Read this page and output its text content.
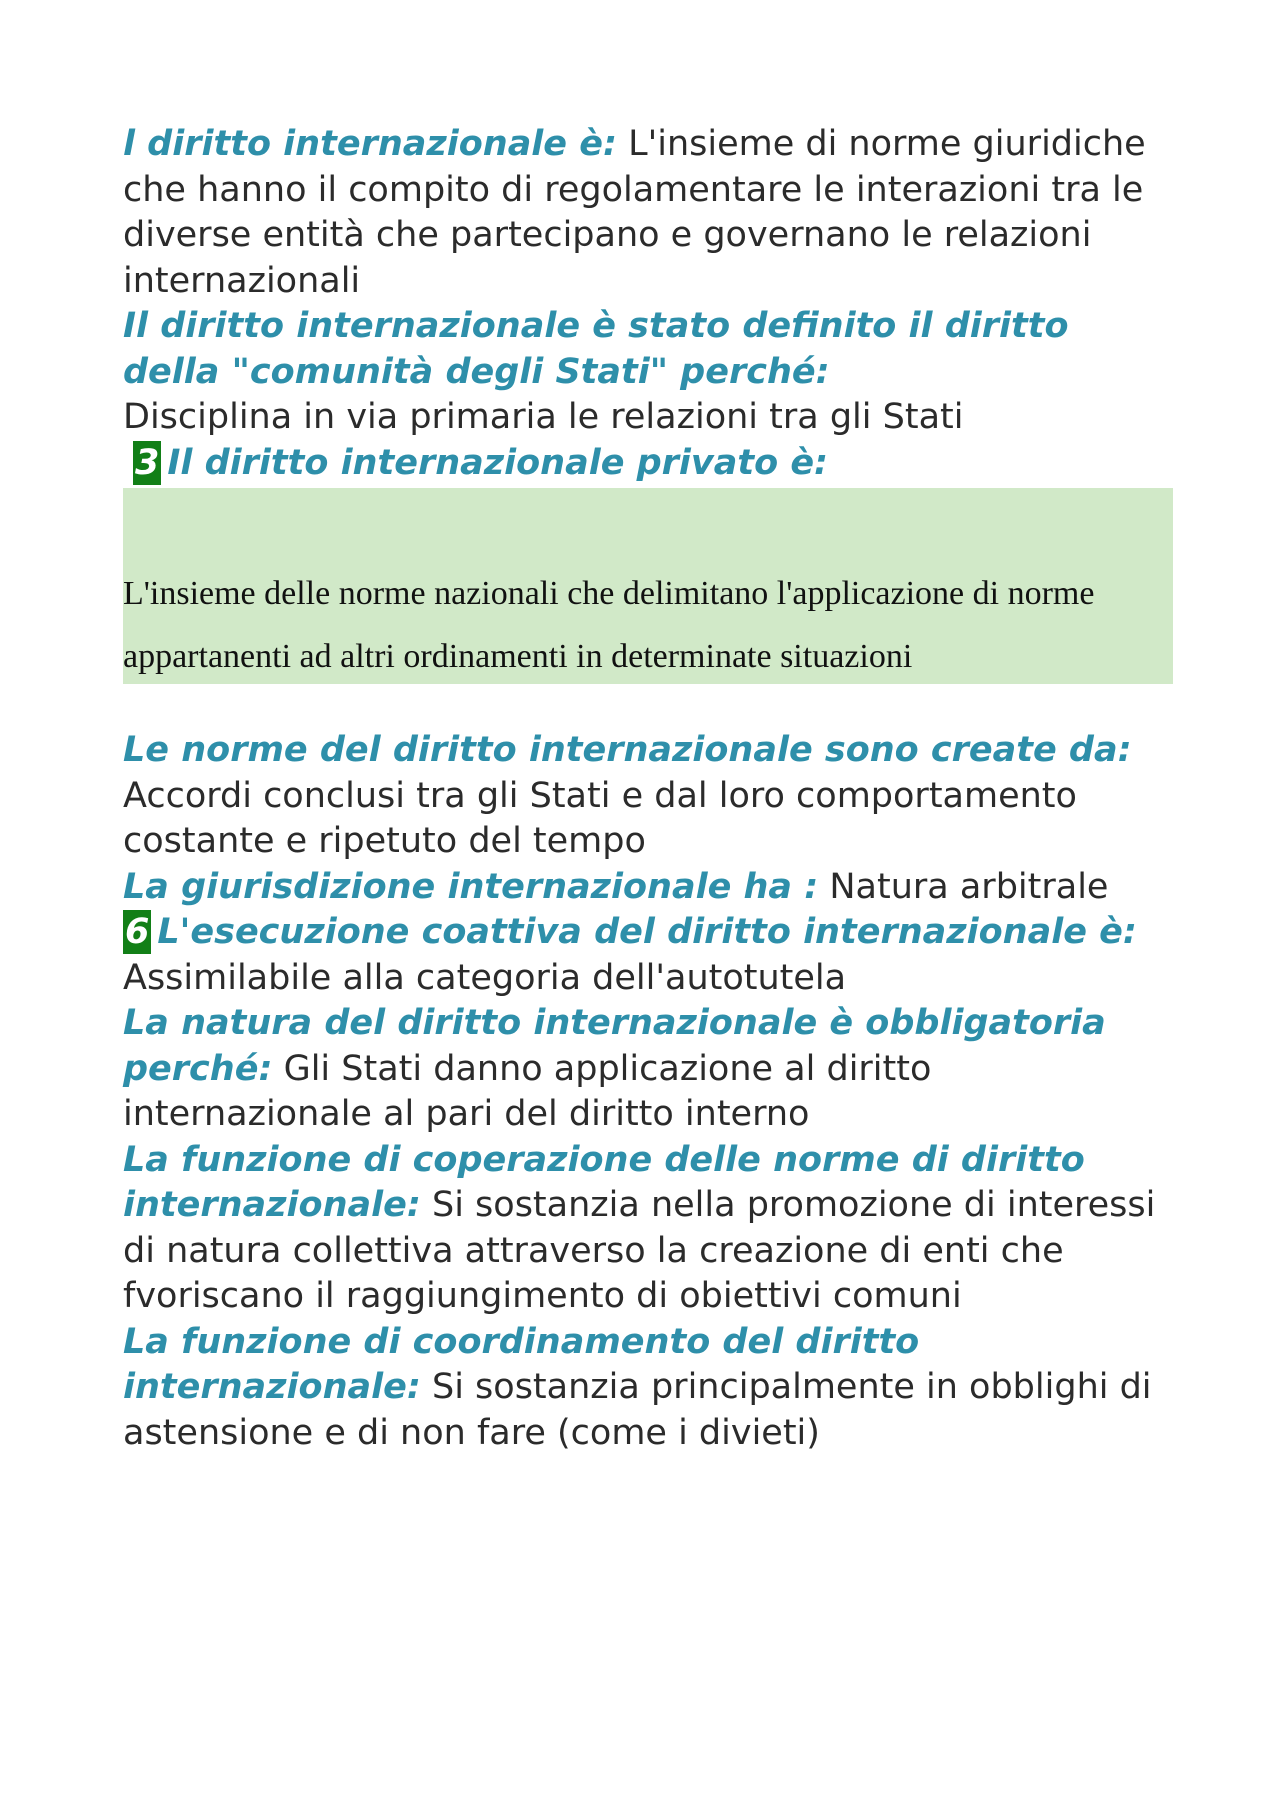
l diritto internazionale è: L'insieme di norme giuridiche che hanno il compito di regolamentare le interazioni tra le diverse entità che partecipano e governano le relazioni internazionali

Il diritto internazionale è stato definito il diritto della "comunità degli Stati" perché:
Disciplina in via primaria le relazioni tra gli Stati

3 Il diritto internazionale privato è:

L'insieme delle norme nazionali che delimitano l'applicazione di norme appartanenti ad altri ordinamenti in determinate situazioni

Le norme del diritto internazionale sono create da: Accordi conclusi tra gli Stati e dal loro comportamento costante e ripetuto del tempo

La giurisdizione internazionale ha : Natura arbitrale

6 L'esecuzione coattiva del diritto internazionale è: Assimilabile alla categoria dell'autotutela

La natura del diritto internazionale è obbligatoria perché: Gli Stati danno applicazione al diritto internazionale al pari del diritto interno

La funzione di coperazione delle norme di diritto internazionale: Si sostanzia nella promozione di interessi di natura collettiva attraverso la creazione di enti che fvoriscano il raggiungimento di obiettivi comuni

La funzione di coordinamento del diritto internazionale: Si sostanzia principalmente in obblighi di astensione e di non fare (come i divieti)
